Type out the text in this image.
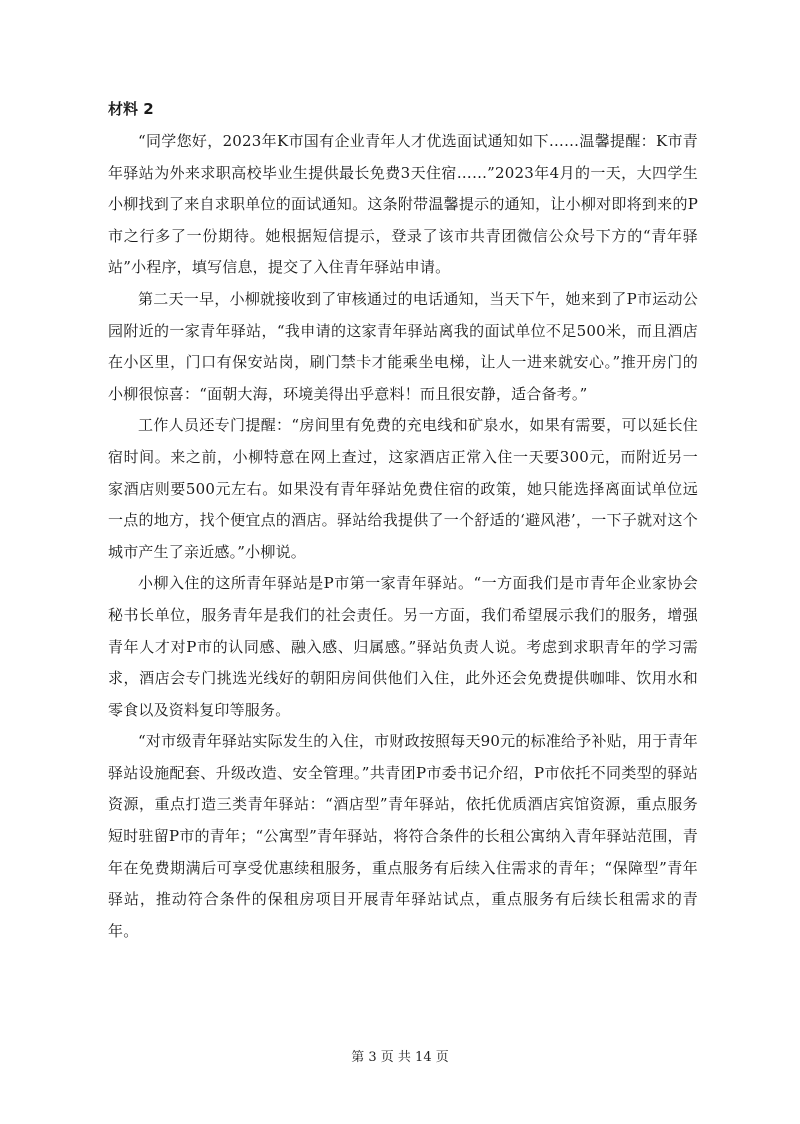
材料 2

“同学您好，2023年K市国有企业青年人才优选面试通知如下……温馨提醒：K市青年驿站为外来求职高校毕业生提供最长免费3天住宿……”2023年4月的一天，大四学生小柳找到了来自求职单位的面试通知。这条附带温馨提示的通知，让小柳对即将到来的P市之行多了一份期待。她根据短信提示，登录了该市共青团微信公众号下方的“青年驿站”小程序，填写信息，提交了入住青年驿站申请。

第二天一早，小柳就接收到了审核通过的电话通知，当天下午，她来到了P市运动公园附近的一家青年驿站，“我申请的这家青年驿站离我的面试单位不足500米，而且酒店在小区里，门口有保安站岗，刷门禁卡才能乘坐电梯，让人一进来就安心。”推开房门的小柳很惊喜：“面朝大海，环境美得出乎意料！而且很安静，适合备考。”

工作人员还专门提醒：“房间里有免费的充电线和矿泉水，如果有需要，可以延长住宿时间。来之前，小柳特意在网上查过，这家酒店正常入住一天要300元，而附近另一家酒店则要500元左右。如果没有青年驿站免费住宿的政策，她只能选择离面试单位远一点的地方，找个便宜点的酒店。驿站给我提供了一个舒适的‘避风港’，一下子就对这个城市产生了亲近感。”小柳说。

小柳入住的这所青年驿站是P市第一家青年驿站。“一方面我们是市青年企业家协会秘书长单位，服务青年是我们的社会责任。另一方面，我们希望展示我们的服务，增强青年人才对P市的认同感、融入感、归属感。”驿站负责人说。考虑到求职青年的学习需求，酒店会专门挑选光线好的朝阳房间供他们入住，此外还会免费提供咖啡、饮用水和零食以及资料复印等服务。

“对市级青年驿站实际发生的入住，市财政按照每天90元的标准给予补贴，用于青年驿站设施配套、升级改造、安全管理。”共青团P市委书记介绍，P市依托不同类型的驿站资源，重点打造三类青年驿站：“酒店型”青年驿站，依托优质酒店宾馆资源，重点服务短时驻留P市的青年；“公寓型”青年驿站，将符合条件的长租公寓纳入青年驿站范围，青年在免费期满后可享受优惠续租服务，重点服务有后续入住需求的青年；“保障型”青年驿站，推动符合条件的保租房项目开展青年驿站试点，重点服务有后续长租需求的青年。

第 3 页 共 14 页
